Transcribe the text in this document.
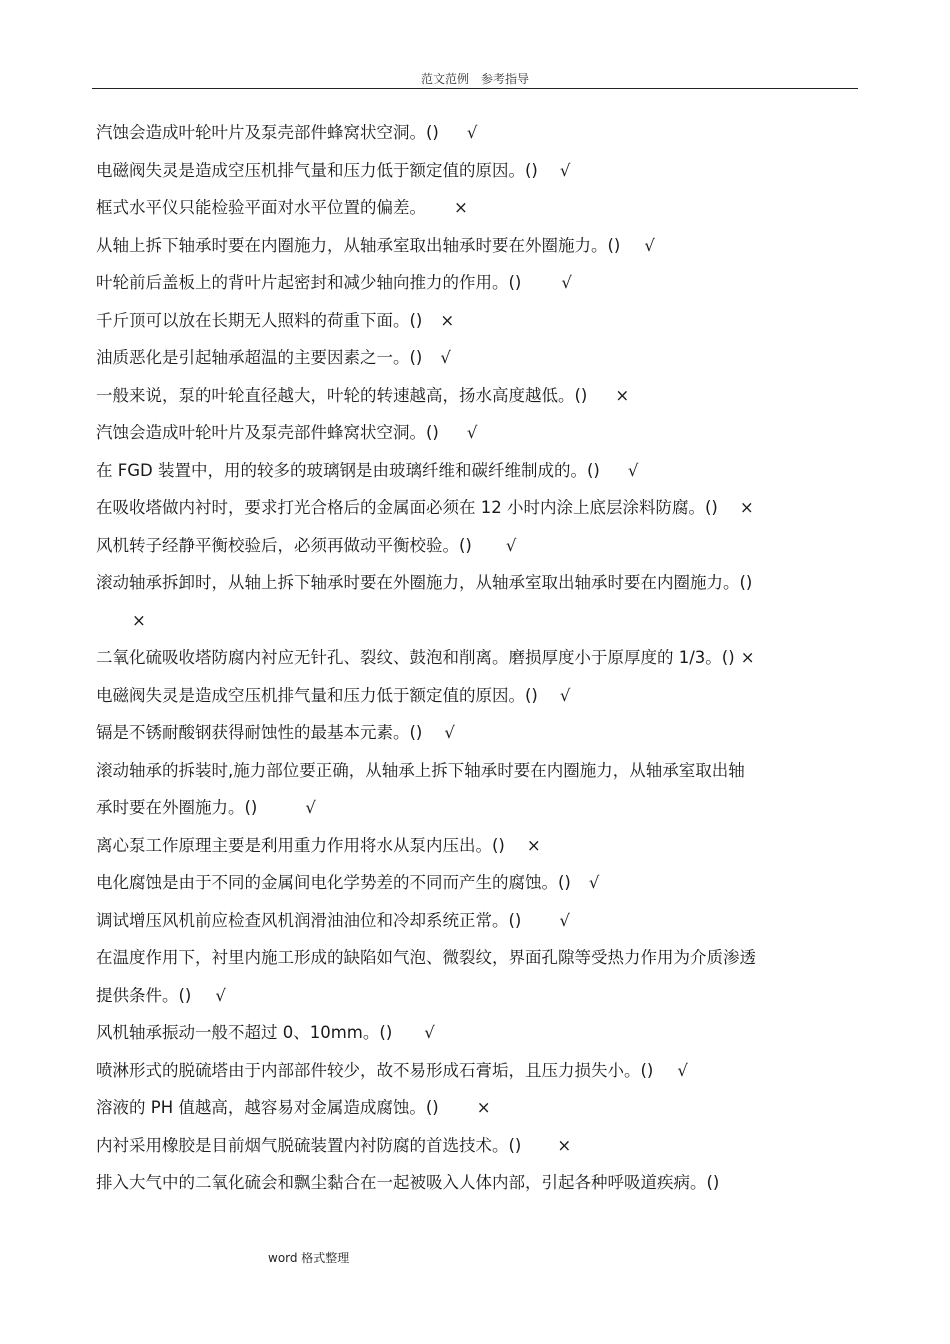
范文范例　参考指导
汽蚀会造成叶轮叶片及泵壳部件蜂窝状空洞。() √
电磁阀失灵是造成空压机排气量和压力低于额定值的原因。() √
框式水平仪只能检验平面对水平位置的偏差。 ×
从轴上拆下轴承时要在内圈施力，从轴承室取出轴承时要在外圈施力。() √
叶轮前后盖板上的背叶片起密封和减少轴向推力的作用。() √
千斤顶可以放在长期无人照料的荷重下面。() ×
油质恶化是引起轴承超温的主要因素之一。() √
一般来说，泵的叶轮直径越大，叶轮的转速越高，扬水高度越低。() ×
汽蚀会造成叶轮叶片及泵壳部件蜂窝状空洞。() √
在 FGD 装置中，用的较多的玻璃钢是由玻璃纤维和碳纤维制成的。() √
在吸收塔做内衬时，要求打光合格后的金属面必须在 12 小时内涂上底层涂料防腐。() ×
风机转子经静平衡校验后，必须再做动平衡校验。() √
滚动轴承拆卸时，从轴上拆下轴承时要在外圈施力，从轴承室取出轴承时要在内圈施力。()
×
二氧化硫吸收塔防腐内衬应无针孔、裂纹、鼓泡和削离。磨损厚度小于原厚度的 1/3。() ×
电磁阀失灵是造成空压机排气量和压力低于额定值的原因。() √
镉是不锈耐酸钢获得耐蚀性的最基本元素。() √
滚动轴承的拆装时,施力部位要正确，从轴承上拆下轴承时要在内圈施力，从轴承室取出轴
承时要在外圈施力。()	√
离心泵工作原理主要是利用重力作用将水从泵内压出。() ×
电化腐蚀是由于不同的金属间电化学势差的不同而产生的腐蚀。() √
调试增压风机前应检查风机润滑油油位和冷却系统正常。() √
在温度作用下，衬里内施工形成的缺陷如气泡、微裂纹，界面孔隙等受热力作用为介质渗透
提供条件。() √
风机轴承振动一般不超过 0、10mm。() √
喷淋形式的脱硫塔由于内部部件较少，故不易形成石膏垢，且压力损失小。() √
溶液的 PH 值越高，越容易对金属造成腐蚀。() ×
内衬采用橡胶是目前烟气脱硫装置内衬防腐的首选技术。() ×
排入大气中的二氧化硫会和飘尘黏合在一起被吸入人体内部，引起各种呼吸道疾病。()
word 格式整理
